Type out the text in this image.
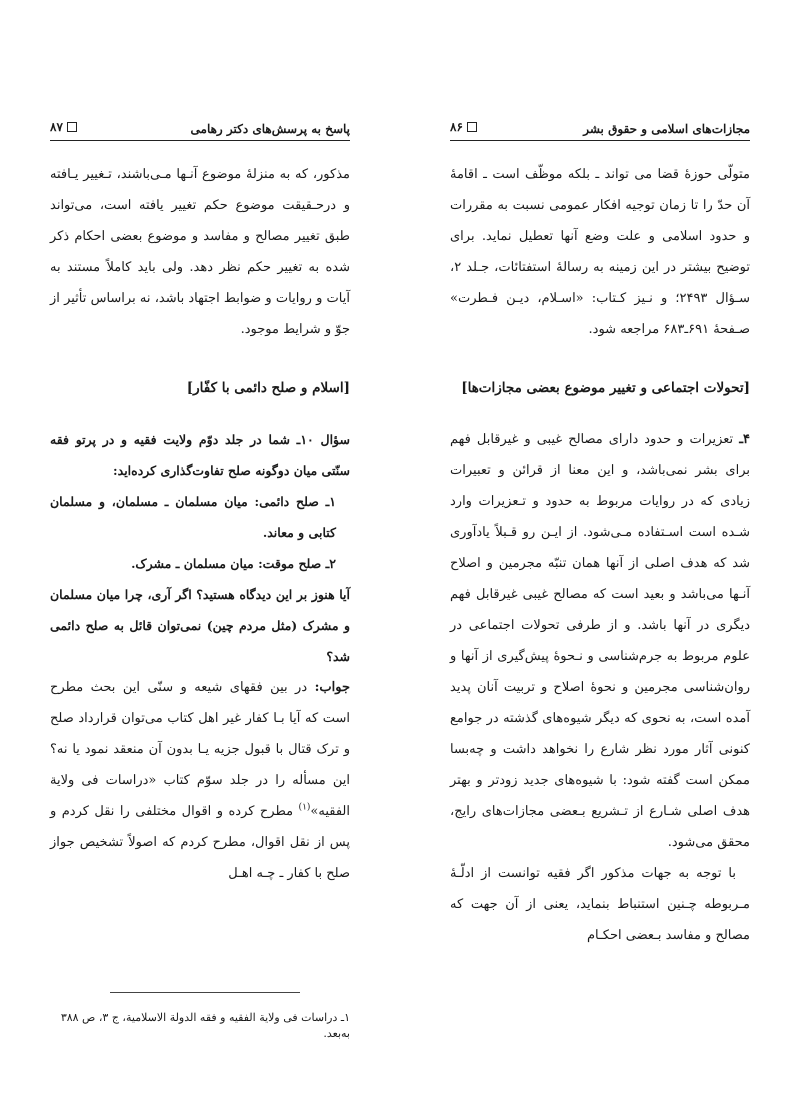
پاسخ به پرسش‌های دکتر رهامی
۸۷

مذکور، که به منزلهٔ موضوع آنـها مـی‌باشند، تـغییر یـافته و درحـقیقت موضوع حکم تغییر یافته است، می‌تواند طبق تغییر مصالح و مفاسد و موضوع بعضی احکام ذکر شده به تغییر حکم نظر دهد. ولی باید کاملاً مستند به آیات و روایات و ضوابط اجتهاد باشد، نه براساس تأثیر از جوّ و شرایط موجود.

[اسلام و صلح دائمی با کفّار]

سؤال ۱۰ـ شما در جلد دوّم ولایت فقیه و در پرتو فقه سنّتی میان دوگونه صلح تفاوت‌گذاری کرده‌اید:

۱ـ صلح دائمی: میان مسلمان ـ مسلمان، و مسلمان کتابی و معاند.

۲ـ صلح موقت: میان مسلمان ـ مشرک.

آیا هنوز بر این دیدگاه هستید؟ اگر آری، چرا میان مسلمان و مشرک (مثل مردم چین) نمی‌توان قائل به صلح دائمی شد؟

جواب: در بین فقهای شیعه و سنّی این بحث مطرح است که آیا بـا کفار غیر اهل کتاب می‌توان قرارداد صلح و ترک قتال با قبول جزیه یـا بدون آن منعقد نمود یا نه؟ این مسأله را در جلد سوّم کتاب «دراسات فی ولایة الفقیه»$^{(۱)}$ مطرح کرده و اقوال مختلفی را نقل کردم و پس از نقل اقوال، مطرح کردم که اصولاً تشخیص جواز صلح با کفار ـ چـه اهـل

۱ـ دراسات فی ولایة الفقیه و فقه الدولة الاسلامیة، ج ۳، ص ۳۸۸ به‌بعد.
مجازات‌های اسلامی و حقوق بشر
۸۶

متولّی حوزهٔ قضا می تواند ـ بلکه موظّف است ـ اقامهٔ آن حدّ را تا زمان توجیه افکار عمومی نسبت به مقررات و حدود اسلامی و علت وضع آنها تعطیل نماید. برای توضیح بیشتر در این زمینه به رسالهٔ استفتائات، جـلد ۲، سـؤال ۲۴۹۳؛ و نـیز کـتاب: «اسـلام، دیـن فـطرت» صـفحهٔ ۶۹۱ـ۶۸۳ مراجعه شود.

[تحولات اجتماعی و تغییر موضوع بعضی مجازات‌ها]

۴ـ تعزیرات و حدود دارای مصالح غیبی و غیرقابل فهم برای بشر نمی‌باشد، و این معنا از قرائن و تعبیرات زیادی که در روایات مربوط به حدود و تـعزیرات وارد شـده است اسـتفاده مـی‌شود. از ایـن رو قـبلاً یادآوری شد که هدف اصلی از آنها همان تنبّه مجرمین و اصلاح آنـها می‌باشد و بعید است که مصالح غیبی غیرقابل فهم دیگری در آنها باشد. و از طرفی تحولات اجتماعی در علوم مربوط به جرم‌شناسی و نـحوهٔ پیش‌گیری از آنها و روان‌شناسی مجرمین و نحوهٔ اصلاح و تربیت آنان پدید آمده است، به نحوی که دیگر شیوه‌های گذشته در جوامع کنونی آثار مورد نظر شارع را نخواهد داشت و چه‌بسا ممکن است گفته شود: با شیوه‌های جدید زودتر و بهتر هدف اصلی شـارع از تـشریع بـعضی مجازات‌های رایج، محقق می‌شود.

با توجه به جهات مذکور اگر فقیه توانست از ادلّـهٔ مـربوطه چـنین استنباط بنماید، یعنی از آن جهت که مصالح و مفاسد بـعضی احکـام
